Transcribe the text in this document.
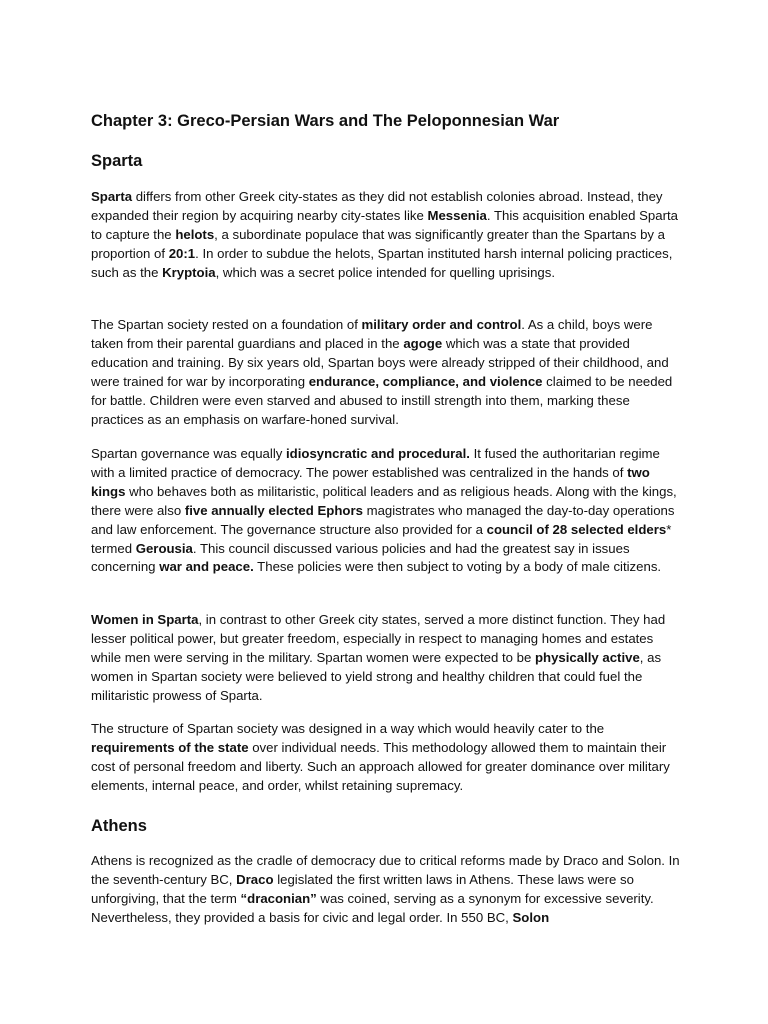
Chapter 3: Greco-Persian Wars and The Peloponnesian War
Sparta

Sparta differs from other Greek city-states as they did not establish colonies abroad. Instead, they expanded their region by acquiring nearby city-states like Messenia. This acquisition enabled Sparta to capture the helots, a subordinate populace that was significantly greater than the Spartans by a proportion of 20:1. In order to subdue the helots, Spartan instituted harsh internal policing practices, such as the Kryptoia, which was a secret police intended for quelling uprisings.

The Spartan society rested on a foundation of military order and control. As a child, boys were taken from their parental guardians and placed in the agoge which was a state that provided education and training. By six years old, Spartan boys were already stripped of their childhood, and were trained for war by incorporating endurance, compliance, and violence claimed to be needed for battle. Children were even starved and abused to instill strength into them, marking these practices as an emphasis on warfare-honed survival.

Spartan governance was equally idiosyncratic and procedural. It fused the authoritarian regime with a limited practice of democracy. The power established was centralized in the hands of two kings who behaves both as militaristic, political leaders and as religious heads. Along with the kings, there were also five annually elected Ephors magistrates who managed the day-to-day operations and law enforcement. The governance structure also provided for a council of 28 selected elders* termed Gerousia. This council discussed various policies and had the greatest say in issues concerning war and peace. These policies were then subject to voting by a body of male citizens.

Women in Sparta, in contrast to other Greek city states, served a more distinct function. They had lesser political power, but greater freedom, especially in respect to managing homes and estates while men were serving in the military. Spartan women were expected to be physically active, as women in Spartan society were believed to yield strong and healthy children that could fuel the militaristic prowess of Sparta.

The structure of Spartan society was designed in a way which would heavily cater to the requirements of the state over individual needs. This methodology allowed them to maintain their cost of personal freedom and liberty. Such an approach allowed for greater dominance over military elements, internal peace, and order, whilst retaining supremacy.

Athens

Athens is recognized as the cradle of democracy due to critical reforms made by Draco and Solon. In the seventh-century BC, Draco legislated the first written laws in Athens. These laws were so unforgiving, that the term “draconian” was coined, serving as a synonym for excessive severity. Nevertheless, they provided a basis for civic and legal order. In 550 BC, Solon
